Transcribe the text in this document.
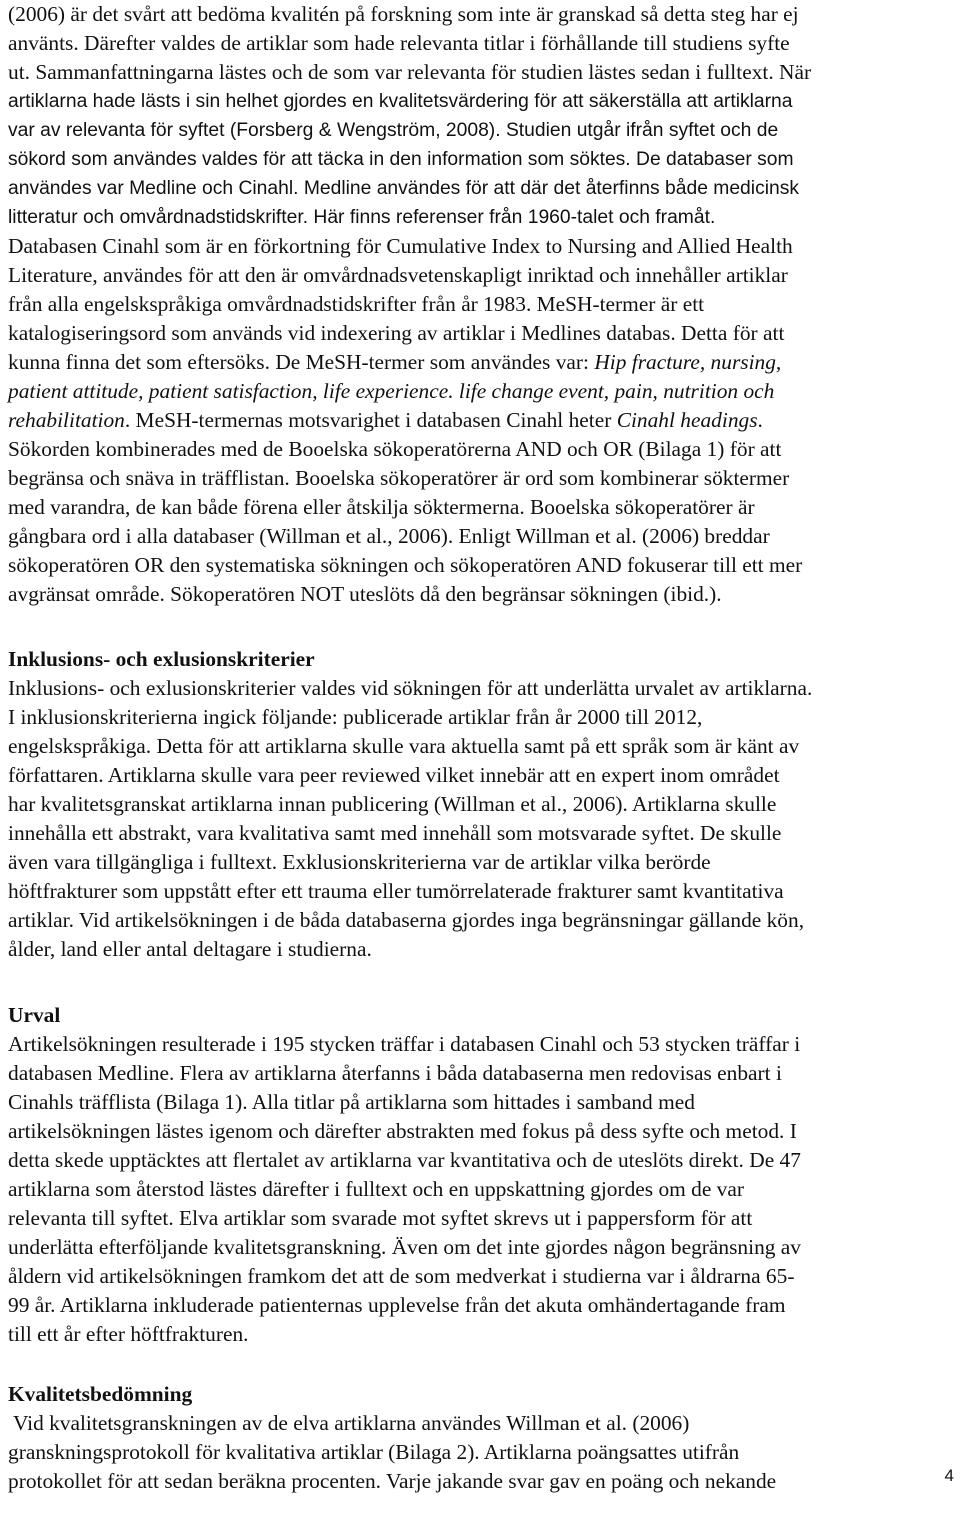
(2006) är det svårt att bedöma kvalitén på forskning som inte är granskad så detta steg har ej
använts. Därefter valdes de artiklar som hade relevanta titlar i förhållande till studiens syfte
ut. Sammanfattningarna lästes och de som var relevanta för studien lästes sedan i fulltext. När
artiklarna hade lästs i sin helhet gjordes en kvalitetsvärdering för att säkerställa att artiklarna
var av relevanta för syftet (Forsberg & Wengström, 2008). Studien utgår ifrån syftet och de
sökord som användes valdes för att täcka in den information som söktes. De databaser som
användes var Medline och Cinahl. Medline användes för att där det återfinns både medicinsk
litteratur och omvårdnadstidskrifter. Här finns referenser från 1960-talet och framåt.
Databasen Cinahl som är en förkortning för Cumulative Index to Nursing and Allied Health
Literature, användes för att den är omvårdnadsvetenskapligt inriktad och innehåller artiklar
från alla engelskspråkiga omvårdnadstidskrifter från år 1983. MeSH-termer är ett
katalogiseringsord som används vid indexering av artiklar i Medlines databas. Detta för att
kunna finna det som eftersöks. De MeSH-termer som användes var: Hip fracture, nursing,
patient attitude, patient satisfaction, life experience. life change event, pain, nutrition och
rehabilitation. MeSH-termernas motsvarighet i databasen Cinahl heter Cinahl headings.
Sökorden kombinerades med de Booelska sökoperatörerna AND och OR (Bilaga 1) för att
begränsa och snäva in träfflistan. Booelska sökoperatörer är ord som kombinerar söktermer
med varandra, de kan både förena eller åtskilja söktermerna. Booelska sökoperatörer är
gångbara ord i alla databaser (Willman et al., 2006). Enligt Willman et al. (2006) breddar
sökoperatören OR den systematiska sökningen och sökoperatören AND fokuserar till ett mer
avgränsat område. Sökoperatören NOT uteslöts då den begränsar sökningen (ibid.).
Inklusions- och exlusionskriterier
Inklusions- och exlusionskriterier valdes vid sökningen för att underlätta urvalet av artiklarna.
I inklusionskriterierna ingick följande: publicerade artiklar från år 2000 till 2012,
engelskspråkiga. Detta för att artiklarna skulle vara aktuella samt på ett språk som är känt av
författaren. Artiklarna skulle vara peer reviewed vilket innebär att en expert inom området
har kvalitetsgranskat artiklarna innan publicering (Willman et al., 2006). Artiklarna skulle
innehålla ett abstrakt, vara kvalitativa samt med innehåll som motsvarade syftet. De skulle
även vara tillgängliga i fulltext. Exklusionskriterierna var de artiklar vilka berörde
höftfrakturer som uppstått efter ett trauma eller tumörrelaterade frakturer samt kvantitativa
artiklar. Vid artikelsökningen i de båda databaserna gjordes inga begränsningar gällande kön,
ålder, land eller antal deltagare i studierna.
Urval
Artikelsökningen resulterade i 195 stycken träffar i databasen Cinahl och 53 stycken träffar i
databasen Medline. Flera av artiklarna återfanns i båda databaserna men redovisas enbart i
Cinahls träfflista (Bilaga 1). Alla titlar på artiklarna som hittades i samband med
artikelsökningen lästes igenom och därefter abstrakten med fokus på dess syfte och metod. I
detta skede upptäcktes att flertalet av artiklarna var kvantitativa och de uteslöts direkt. De 47
artiklarna som återstod lästes därefter i fulltext och en uppskattning gjordes om de var
relevanta till syftet. Elva artiklar som svarade mot syftet skrevs ut i pappersform för att
underlätta efterföljande kvalitetsgranskning. Även om det inte gjordes någon begränsning av
åldern vid artikelsökningen framkom det att de som medverkat i studierna var i åldrarna 65-
99 år. Artiklarna inkluderade patienternas upplevelse från det akuta omhändertagande fram
till ett år efter höftfrakturen.
Kvalitetsbedömning
Vid kvalitetsgranskningen av de elva artiklarna användes Willman et al. (2006)
granskningsprotokoll för kvalitativa artiklar (Bilaga 2). Artiklarna poängsattes utifrån
protokollet för att sedan beräkna procenten. Varje jakande svar gav en poäng och nekande	4
